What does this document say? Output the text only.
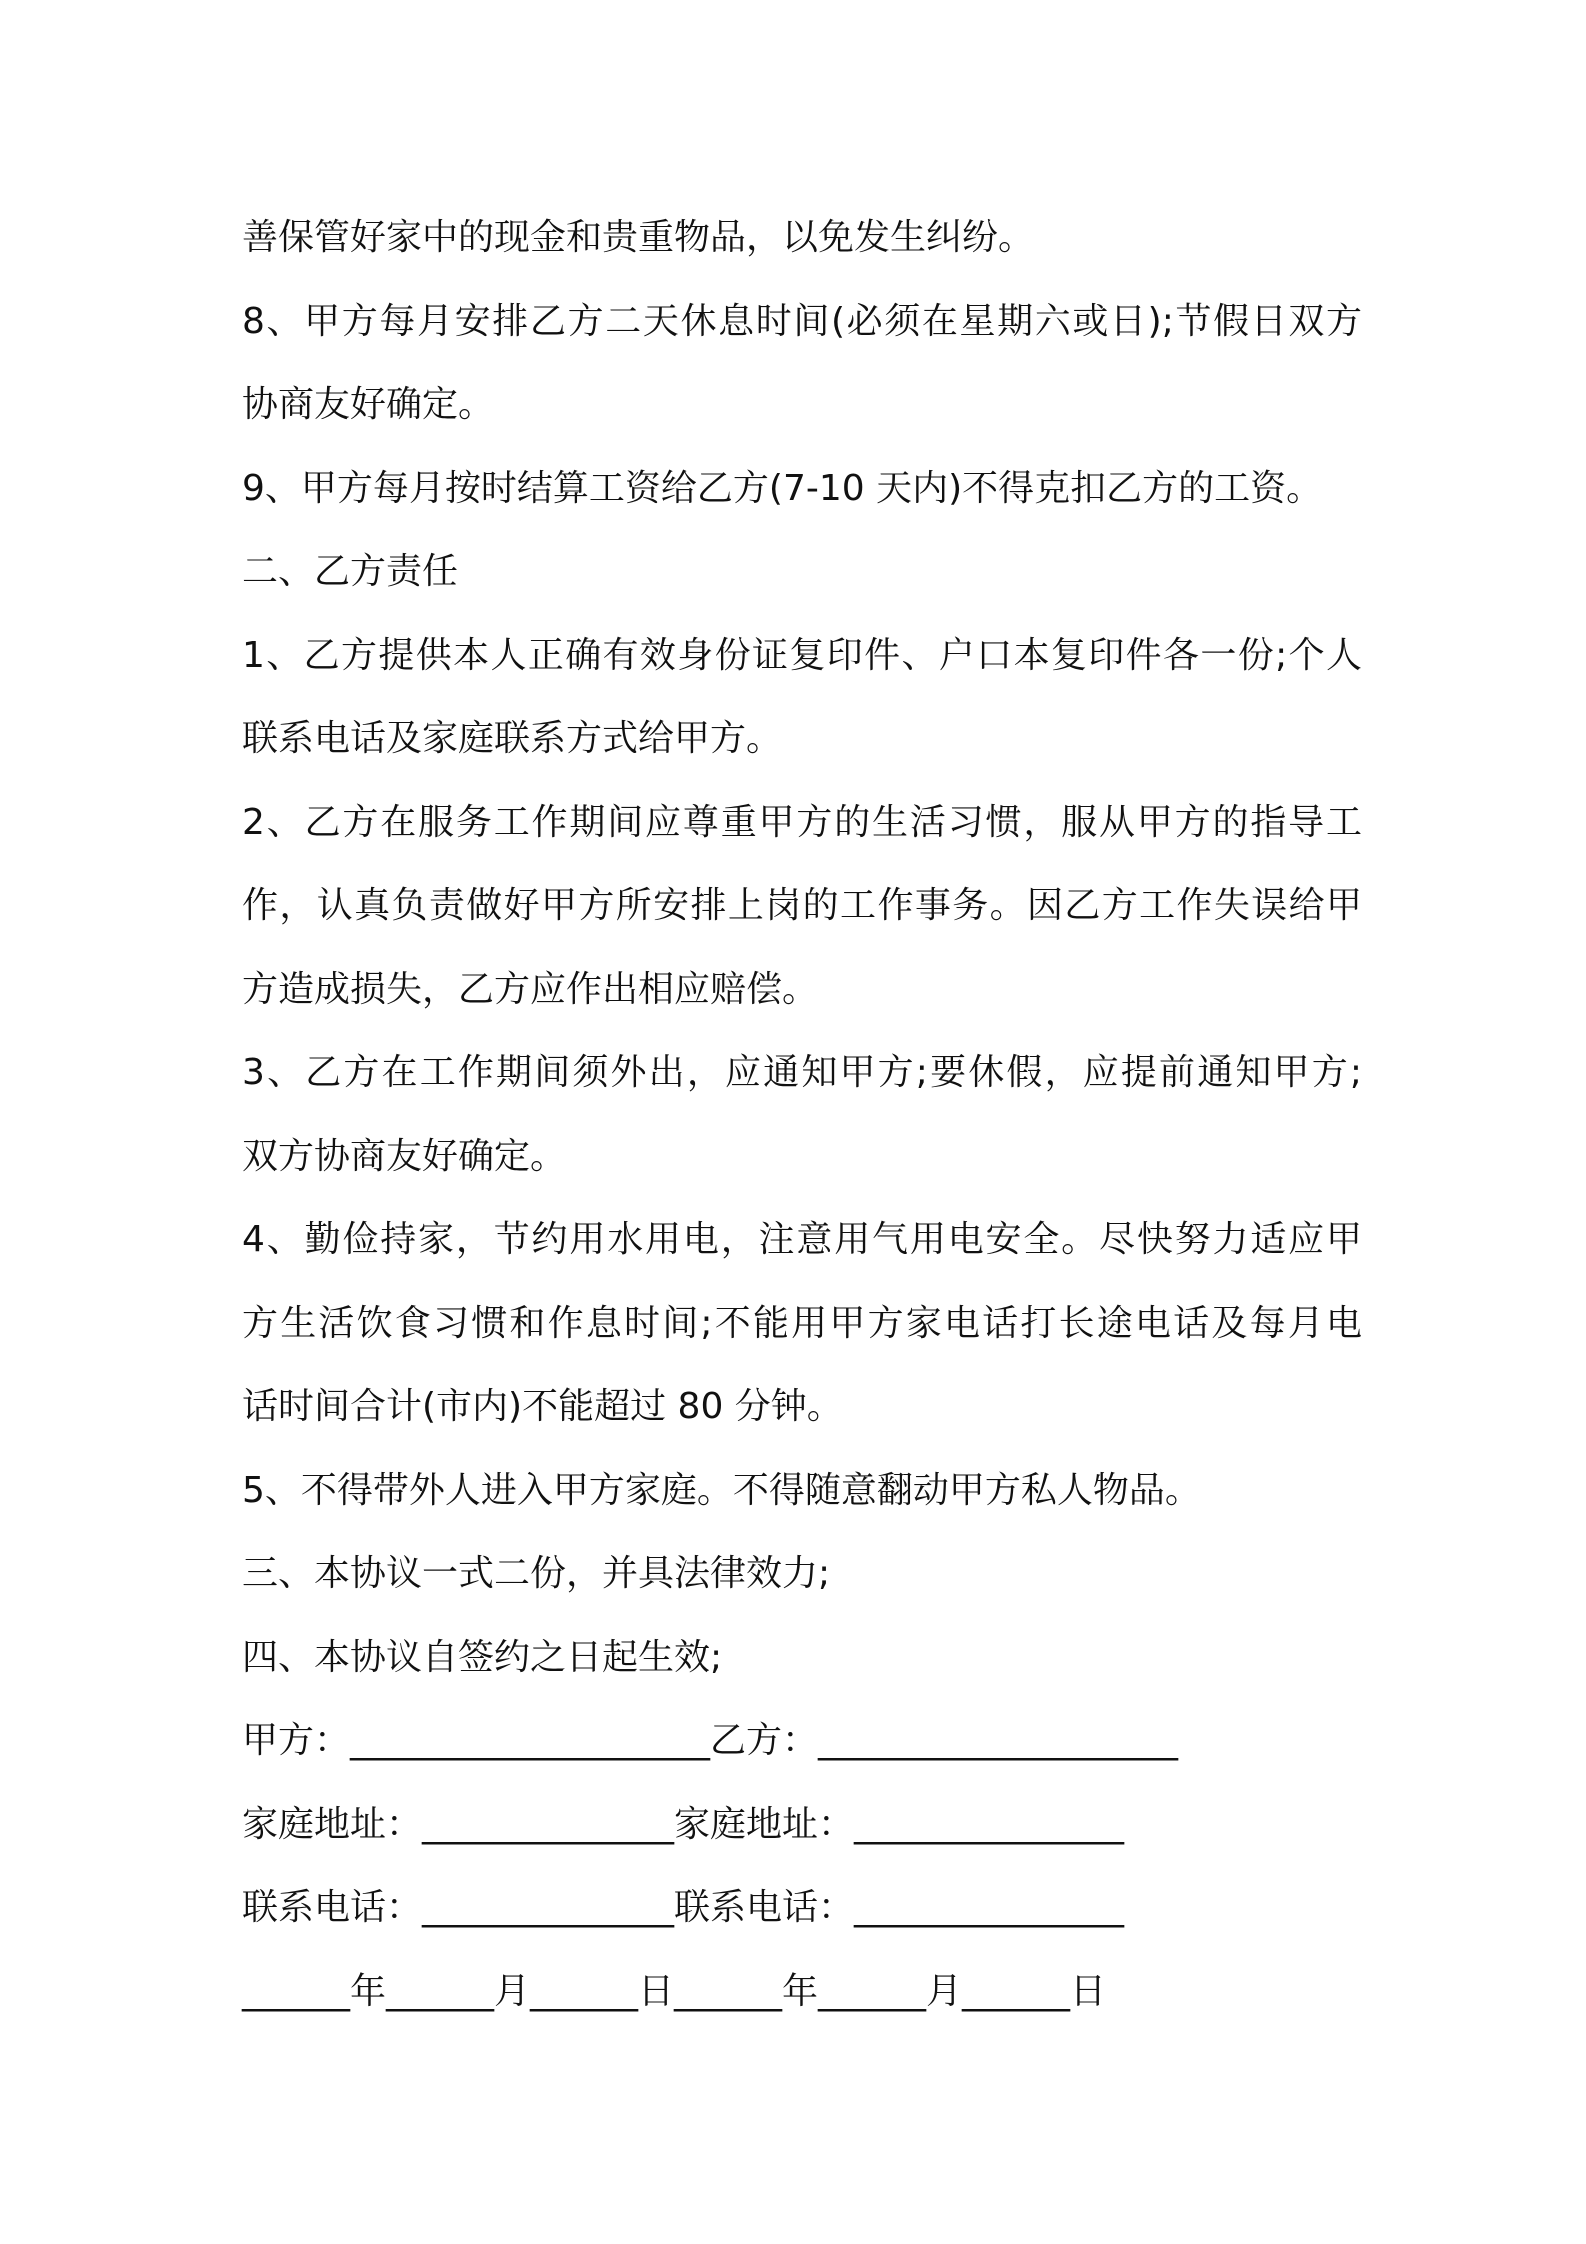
善保管好家中的现金和贵重物品，以免发生纠纷。
8、甲方每月安排乙方二天休息时间(必须在星期六或日);节假日双方
协商友好确定。
9、甲方每月按时结算工资给乙方(7-10 天内)不得克扣乙方的工资。
二、乙方责任
1、乙方提供本人正确有效身份证复印件、户口本复印件各一份;个人
联系电话及家庭联系方式给甲方。
2、乙方在服务工作期间应尊重甲方的生活习惯，服从甲方的指导工
作，认真负责做好甲方所安排上岗的工作事务。因乙方工作失误给甲
方造成损失，乙方应作出相应赔偿。
3、乙方在工作期间须外出，应通知甲方;要休假，应提前通知甲方;
双方协商友好确定。
4、勤俭持家，节约用水用电，注意用气用电安全。尽快努力适应甲
方生活饮食习惯和作息时间;不能用甲方家电话打长途电话及每月电
话时间合计(市内)不能超过 80 分钟。
5、不得带外人进入甲方家庭。不得随意翻动甲方私人物品。
三、本协议一式二份，并具法律效力;
四、本协议自签约之日起生效;
甲方：____________________乙方：____________________
家庭地址：______________家庭地址：_______________
联系电话：______________联系电话：_______________
______年______月______日______年______月______日
